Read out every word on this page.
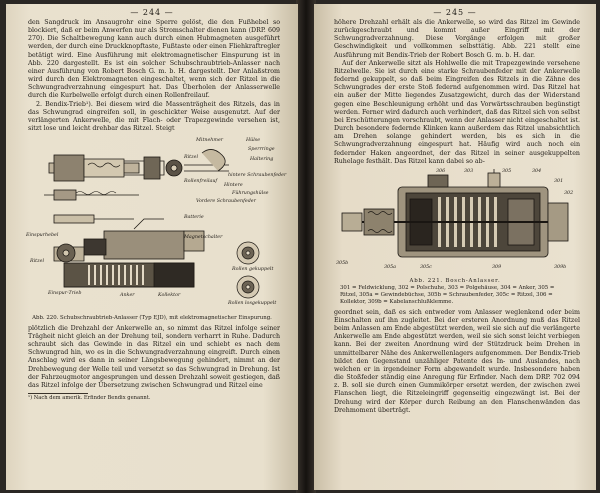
— 244 —

den Sangdruck im Ansaugrohr eine Sperre gelöst, die den Fußhebel so blockiert, daß er beim Anwerfen nur als Stromschalter dienen kann (DRP. 609 270). Die Schaltbewegung kann auch durch einen Hubmagneten ausgeführt werden, der durch eine Druckknopftaste, Fußtaste oder einen Fliehkraftregler betätigt wird. Eine Ausführung mit elektromagnetischer Einspurung ist in Abb. 220 dargestellt. Es ist ein solcher Schubschraubtrieb-Anlasser nach einer Ausführung von Robert Bosch G. m. b. H. dargestellt. Der Anlaßstrom wird durch den Elektromagneten eingeschaltet, wenn sich der Ritzel in die Schwungradverzahnung eingespurt hat. Das Überholen der Anlasserwelle durch die Kurbelwelle erfolgt durch einen Rollenfreilauf.

2. Bendix-Trieb¹). Bei diesem wird die Massenträgheit des Ritzels, das in das Schwungrad eingreifen soll, in geschickter Weise ausgenutzt. Auf der verlängerten Ankerwelle, die mit Flach- oder Trapezgewinde versehen ist, sitzt lose und leicht drehbar das Ritzel. Steigt

Mitnehmer	Hülse
Sperrringe
Ritzel	Haltering
Rollenfreilauf
hintere Schraubenfeder
Hintere
Führungshülse
Vordere Schraubenfeder
Batterie
Einspurhebel	Magnetschalter
Ritzel
Rollen gekuppelt
Einspur-Trieb	Anker	Kollektor
Rollen losgekuppelt
Abb. 220. Schubschraubtrieb-Anlasser (Typ EJD), mit elektromagnetischer Einspurung.

plötzlich die Drehzahl der Ankerwelle an, so nimmt das Ritzel infolge seiner Trägheit nicht gleich an der Drehung teil, sondern verharrt in Ruhe. Dadurch schraubt sich das Gewinde in das Ritzel ein und schiebt es nach dem Schwungrad hin, wo es in die Schwungradverzahnung eingreift. Durch einen Anschlag wird es dann in seiner Längsbewegung gehindert, nimmt an der Drehbewegung der Welle teil und versetzt so das Schwungrad in Drehung. Ist der Fahrzeugmotor angesprungen und dessen Drehzahl soweit gestiegen, daß das Ritzel infolge der Übersetzung zwischen Schwungrad und Ritzel eine

¹) Nach dem amerik. Erfinder Bendix genannt.
— 245 —

höhere Drehzahl erhält als die Ankerwelle, so wird das Ritzel im Gewinde zurückgeschraubt und kommt außer Eingriff mit der Schwungradverzahnung. Diese Vorgänge erfolgen mit großer Geschwindigkeit und vollkommen selbsttätig. Abb. 221 stellt eine Ausführung mit Bendix-Trieb der Robert Bosch G. m. b. H. dar.

Auf der Ankerwelle sitzt als Hohlwelle die mit Trapezgewinde versehene Ritzelwelle. Sie ist durch eine starke Schraubenfeder mit der Ankerwelle federnd gekuppelt, so daß beim Eingreifen des Ritzels in die Zähne des Schwungrades der erste Stoß federnd aufgenommen wird. Das Ritzel hat ein außer der Mitte liegendes Zusatzgewicht, durch das der Widerstand gegen eine Beschleunigung erhöht und das Vorwärtsschrauben begünstigt werden. Ferner wird dadurch auch verhindert, daß das Ritzel sich von selbst bei Erschütterungen vorschraubt, wenn der Anlasser nicht eingeschaltet ist. Durch besondere federnde Klinken kann außerdem das Ritzel unabsichtlich am Drehen solange gehindert werden, bis es sich in die Schwungradverzahnung eingespurt hat. Häufig wird auch noch ein federnder Haken angeordnet, der das Ritzel in seiner ausgekuppelten Ruhelage festhält. Das Ritzel kann dabei so ab-

306	303	305	304
301
302
305b
305a	305c	309	309b
Abb. 221. Bosch-Anlasser.
301 = Feldwicklung, 302 = Polschuhe, 303 = Polgehäuse, 304 = Anker, 305 = Ritzel, 305a = Gewindebüchse, 305b = Schraubenfeder, 305c = Ritzel, 306 = Kollektor, 309b = Kabelanschlußklemme.

geordnet sein, daß es sich entweder vom Anlasser weglenkend oder beim Einschalten auf ihn zugleitet. Bei der ersteren Anordnung muß das Ritzel beim Anlassen am Ende abgestützt werden, weil sie sich auf die verlängerte Ankerwelle am Ende abgestützt werden, weil sie sich sonst leicht verbiegen kann. Bei der zweiten Anordnung wird der Stützdruck beim Drehen in unmittelbarer Nähe des Ankerwellenlagers aufgenommen. Der Bendix-Trieb bildet den Gegenstand unzähliger Patente des In- und Auslandes, nach welchen er in irgendeiner Form abgewandelt wurde. Insbesondere haben die Stoßfeder ständig eine Anregung für Erfinder. Nach dem DRP. 702 094 z. B. soll sie durch einen Gummikörper ersetzt werden, der zwischen zwei Flanschen liegt, die Ritzeleingriff gegenseitig eingezwängt ist. Bei der Drehung wird der Körper durch Reibung an den Flanschenwänden das Drehmoment überträgt.
